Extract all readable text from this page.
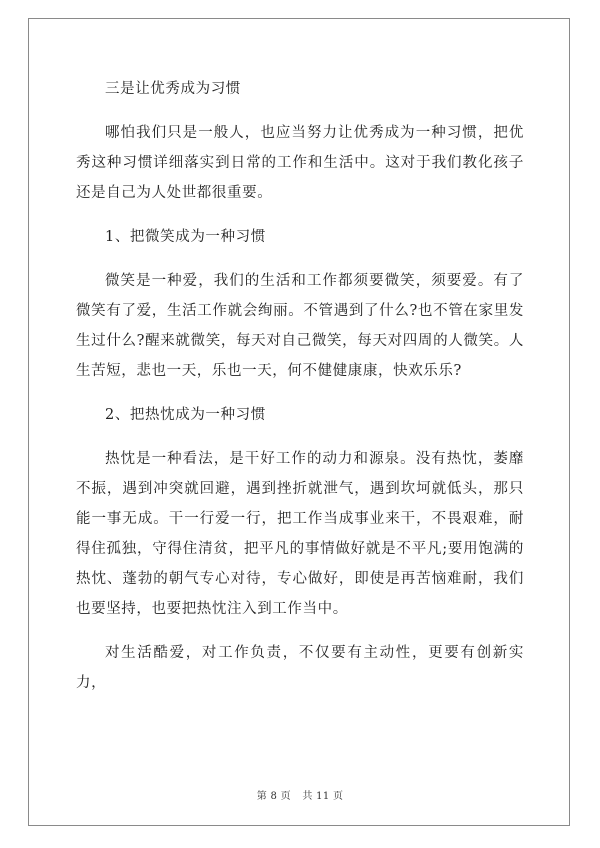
三是让优秀成为习惯

哪怕我们只是一般人，也应当努力让优秀成为一种习惯，把优秀这种习惯详细落实到日常的工作和生活中。这对于我们教化孩子还是自己为人处世都很重要。

1、把微笑成为一种习惯

微笑是一种爱，我们的生活和工作都须要微笑，须要爱。有了微笑有了爱，生活工作就会绚丽。不管遇到了什么?也不管在家里发生过什么?醒来就微笑，每天对自己微笑，每天对四周的人微笑。人生苦短，悲也一天，乐也一天，何不健健康康，快欢乐乐?

2、把热忱成为一种习惯

热忱是一种看法，是干好工作的动力和源泉。没有热忱，萎靡不振，遇到冲突就回避，遇到挫折就泄气，遇到坎坷就低头，那只能一事无成。干一行爱一行，把工作当成事业来干，不畏艰难，耐得住孤独，守得住清贫，把平凡的事情做好就是不平凡;要用饱满的热忱、蓬勃的朝气专心对待，专心做好，即使是再苦恼难耐，我们也要坚持，也要把热忱注入到工作当中。

对生活酷爱，对工作负责，不仅要有主动性，更要有创新实力，

第 8 页 共 11 页
